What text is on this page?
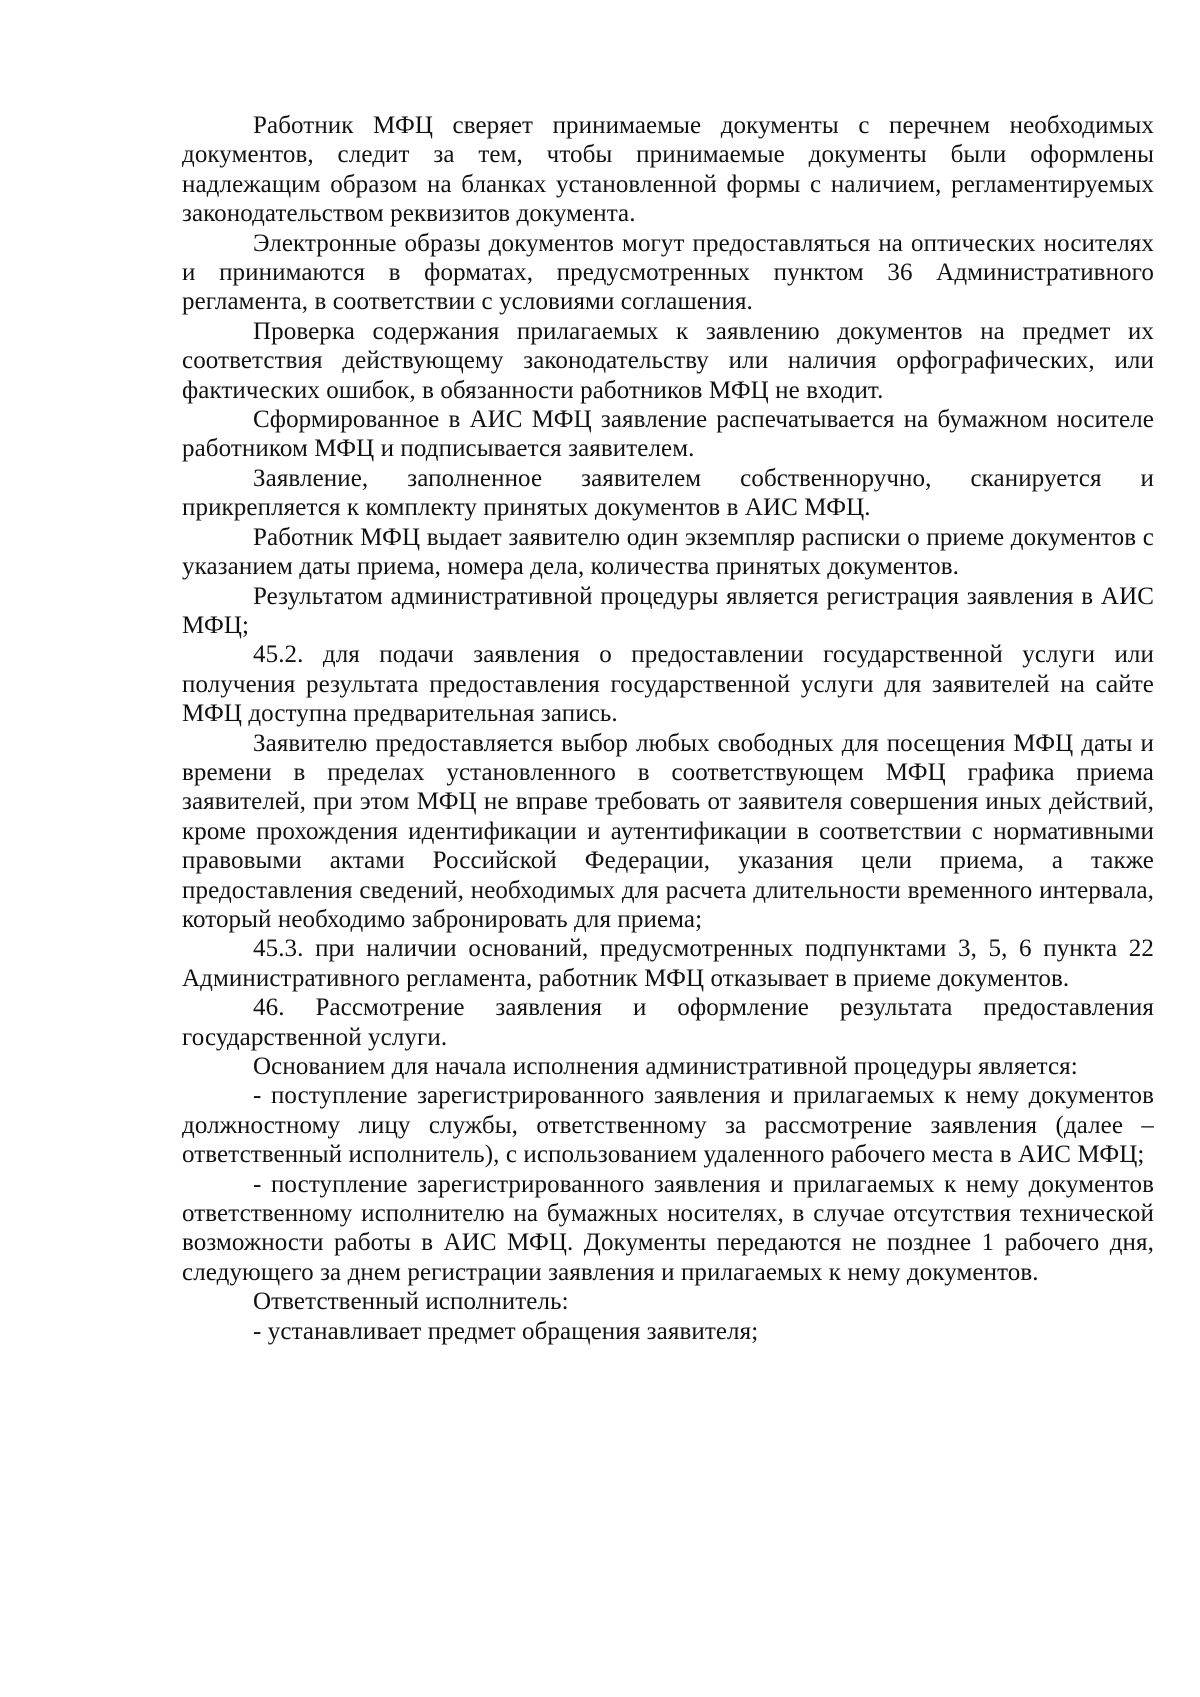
Работник МФЦ сверяет принимаемые документы с перечнем необходимых документов, следит за тем, чтобы принимаемые документы были оформлены надлежащим образом на бланках установленной формы с наличием, регламентируемых законодательством реквизитов документа.

Электронные образы документов могут предоставляться на оптических носителях и принимаются в форматах, предусмотренных пунктом 36 Административного регламента, в соответствии с условиями соглашения.

Проверка содержания прилагаемых к заявлению документов на предмет их соответствия действующему законодательству или наличия орфографических, или фактических ошибок, в обязанности работников МФЦ не входит.

Сформированное в АИС МФЦ заявление распечатывается на бумажном носителе работником МФЦ и подписывается заявителем.

Заявление, заполненное заявителем собственноручно, сканируется и прикрепляется к комплекту принятых документов в АИС МФЦ.

Работник МФЦ выдает заявителю один экземпляр расписки о приеме документов с указанием даты приема, номера дела, количества принятых документов.

Результатом административной процедуры является регистрация заявления в АИС МФЦ;

45.2. для подачи заявления о предоставлении государственной услуги или получения результата предоставления государственной услуги для заявителей на сайте МФЦ доступна предварительная запись.

Заявителю предоставляется выбор любых свободных для посещения МФЦ даты и времени в пределах установленного в соответствующем МФЦ графика приема заявителей, при этом МФЦ не вправе требовать от заявителя совершения иных действий, кроме прохождения идентификации и аутентификации в соответствии с нормативными правовыми актами Российской Федерации, указания цели приема, а также предоставления сведений, необходимых для расчета длительности временного интервала, который необходимо забронировать для приема;

45.3. при наличии оснований, предусмотренных подпунктами 3, 5, 6 пункта 22 Административного регламента, работник МФЦ отказывает в приеме документов.

46. Рассмотрение заявления и оформление результата предоставления государственной услуги.

Основанием для начала исполнения административной процедуры является:

- поступление зарегистрированного заявления и прилагаемых к нему документов должностному лицу службы, ответственному за рассмотрение заявления (далее – ответственный исполнитель), с использованием удаленного рабочего места в АИС МФЦ;

- поступление зарегистрированного заявления и прилагаемых к нему документов ответственному исполнителю на бумажных носителях, в случае отсутствия технической возможности работы в АИС МФЦ. Документы передаются не позднее 1 рабочего дня, следующего за днем регистрации заявления и прилагаемых к нему документов.

Ответственный исполнитель:

- устанавливает предмет обращения заявителя;
